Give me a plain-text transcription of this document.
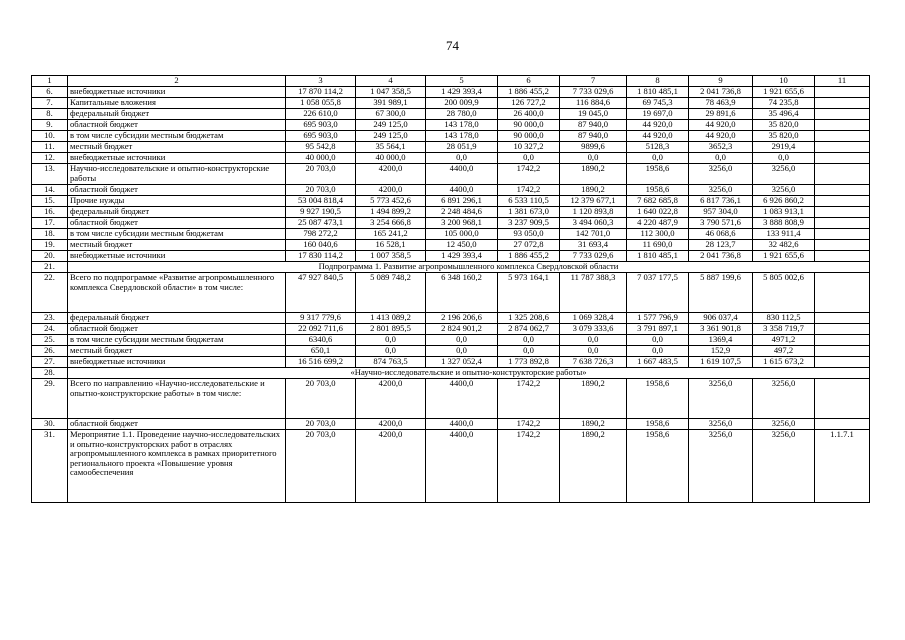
74
1	2	3	4	5	6	7	8	9	10	11
6.	внебюджетные источники	17 870 114,2	1 047 358,5	1 429 393,4	1 886 455,2	7 733 029,6	1 810 485,1	2 041 736,8	1 921 655,6	
7.	Капитальные вложения	1 058 055,8	391 989,1	200 009,9	126 727,2	116 884,6	69 745,3	78 463,9	74 235,8	
8.	федеральный бюджет	226 610,0	67 300,0	28 780,0	26 400,0	19 045,0	19 697,0	29 891,6	35 496,4	
9.	областной бюджет	695 903,0	249 125,0	143 178,0	90 000,0	87 940,0	44 920,0	44 920,0	35 820,0	
10.	в том числе субсидии местным бюджетам	695 903,0	249 125,0	143 178,0	90 000,0	87 940,0	44 920,0	44 920,0	35 820,0	
11.	местный бюджет	95 542,8	35 564,1	28 051,9	10 327,2	9899,6	5128,3	3652,3	2919,4	
12.	внебюджетные источники	40 000,0	40 000,0	0,0	0,0	0,0	0,0	0,0	0,0	
13.	Научно-исследовательские и опытно-конструкторские работы	20 703,0	4200,0	4400,0	1742,2	1890,2	1958,6	3256,0	3256,0	
14.	областной бюджет	20 703,0	4200,0	4400,0	1742,2	1890,2	1958,6	3256,0	3256,0	
15.	Прочие нужды	53 004 818,4	5 773 452,6	6 891 296,1	6 533 110,5	12 379 677,1	7 682 685,8	6 817 736,1	6 926 860,2	
16.	федеральный бюджет	9 927 190,5	1 494 899,2	2 248 484,6	1 381 673,0	1 120 893,8	1 640 022,8	957 304,0	1 083 913,1	
17.	областной бюджет	25 087 473,1	3 254 666,8	3 200 968,1	3 237 909,5	3 494 060,3	4 220 487,9	3 790 571,6	3 888 808,9	
18.	в том числе субсидии местным бюджетам	798 272,2	165 241,2	105 000,0	93 050,0	142 701,0	112 300,0	46 068,6	133 911,4	
19.	местный бюджет	160 040,6	16 528,1	12 450,0	27 072,8	31 693,4	11 690,0	28 123,7	32 482,6	
20.	внебюджетные источники	17 830 114,2	1 007 358,5	1 429 393,4	1 886 455,2	7 733 029,6	1 810 485,1	2 041 736,8	1 921 655,6	
21.	Подпрограмма 1. Развитие агропромышленного комплекса Свердловской области									
22.	Всего по подпрограмме «Развитие агропромышленного комплекса Свердловской области» в том числе:	47 927 840,5	5 089 748,2	6 348 160,2	5 973 164,1	11 787 388,3	7 037 177,5	5 887 199,6	5 805 002,6	
23.	федеральный бюджет	9 317 779,6	1 413 089,2	2 196 206,6	1 325 208,6	1 069 328,4	1 577 796,9	906 037,4	830 112,5	
24.	областной бюджет	22 092 711,6	2 801 895,5	2 824 901,2	2 874 062,7	3 079 333,6	3 791 897,1	3 361 901,8	3 358 719,7	
25.	в том числе субсидии местным бюджетам	6340,6	0,0	0,0	0,0	0,0	0,0	1369,4	4971,2	
26.	местный бюджет	650,1	0,0	0,0	0,0	0,0	0,0	152,9	497,2	
27.	внебюджетные источники	16 516 699,2	874 763,5	1 327 052,4	1 773 892,8	7 638 726,3	1 667 483,5	1 619 107,5	1 615 673,2	
28.	«Научно-исследовательские и опытно-конструкторские работы»									
29.	Всего по направлению «Научно-исследовательские и опытно-конструкторские работы» в том числе:	20 703,0	4200,0	4400,0	1742,2	1890,2	1958,6	3256,0	3256,0	
30.	областной бюджет	20 703,0	4200,0	4400,0	1742,2	1890,2	1958,6	3256,0	3256,0	
31.	Мероприятие 1.1. Проведение научно-исследовательских и опытно-конструкторских работ в отраслях агропромышленного комплекса в рамках приоритетного регионального проекта «Повышение уровня самообеспечения	20 703,0	4200,0	4400,0	1742,2	1890,2	1958,6	3256,0	3256,0	1.1.7.1
